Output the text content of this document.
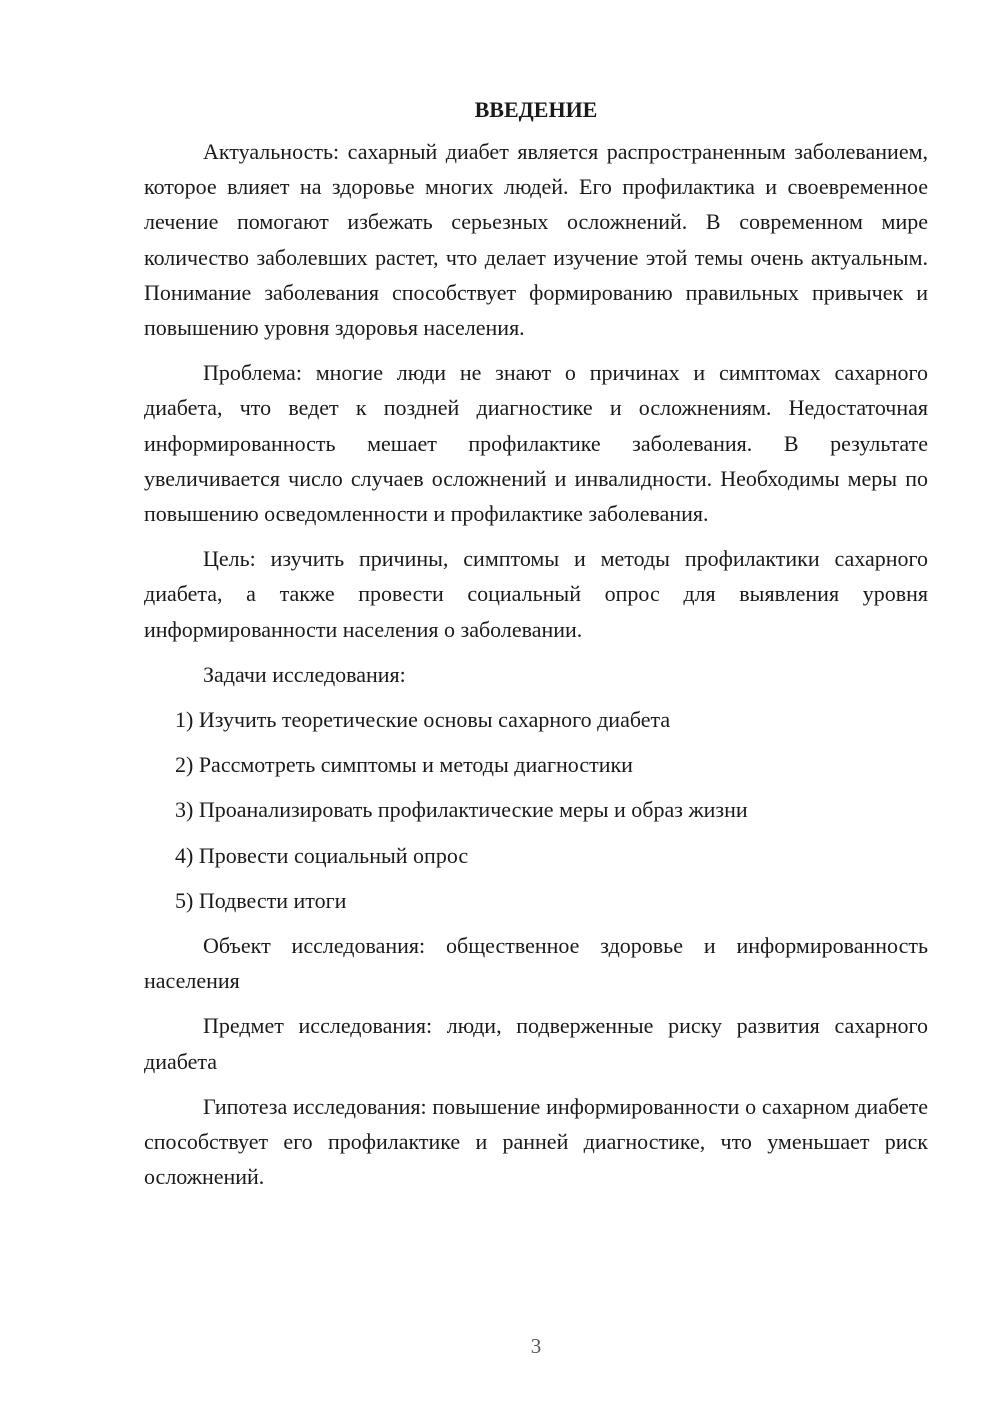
ВВЕДЕНИЕ

Актуальность: сахарный диабет является распространенным заболеванием, которое влияет на здоровье многих людей. Его профилактика и своевременное лечение помогают избежать серьезных осложнений. В современном мире количество заболевших растет, что делает изучение этой темы очень актуальным. Понимание заболевания способствует формированию правильных привычек и повышению уровня здоровья населения.

Проблема: многие люди не знают о причинах и симптомах сахарного диабета, что ведет к поздней диагностике и осложнениям. Недостаточная информированность мешает профилактике заболевания. В результате увеличивается число случаев осложнений и инвалидности. Необходимы меры по повышению осведомленности и профилактике заболевания.

Цель: изучить причины, симптомы и методы профилактики сахарного диабета, а также провести социальный опрос для выявления уровня информированности населения о заболевании.

Задачи исследования:

1) Изучить теоретические основы сахарного диабета
2) Рассмотреть симптомы и методы диагностики
3) Проанализировать профилактические меры и образ жизни
4) Провести социальный опрос
5) Подвести итоги

Объект исследования: общественное здоровье и информированность населения

Предмет исследования: люди, подверженные риску развития сахарного диабета

Гипотеза исследования: повышение информированности о сахарном диабете способствует его профилактике и ранней диагностике, что уменьшает риск осложнений.

3
